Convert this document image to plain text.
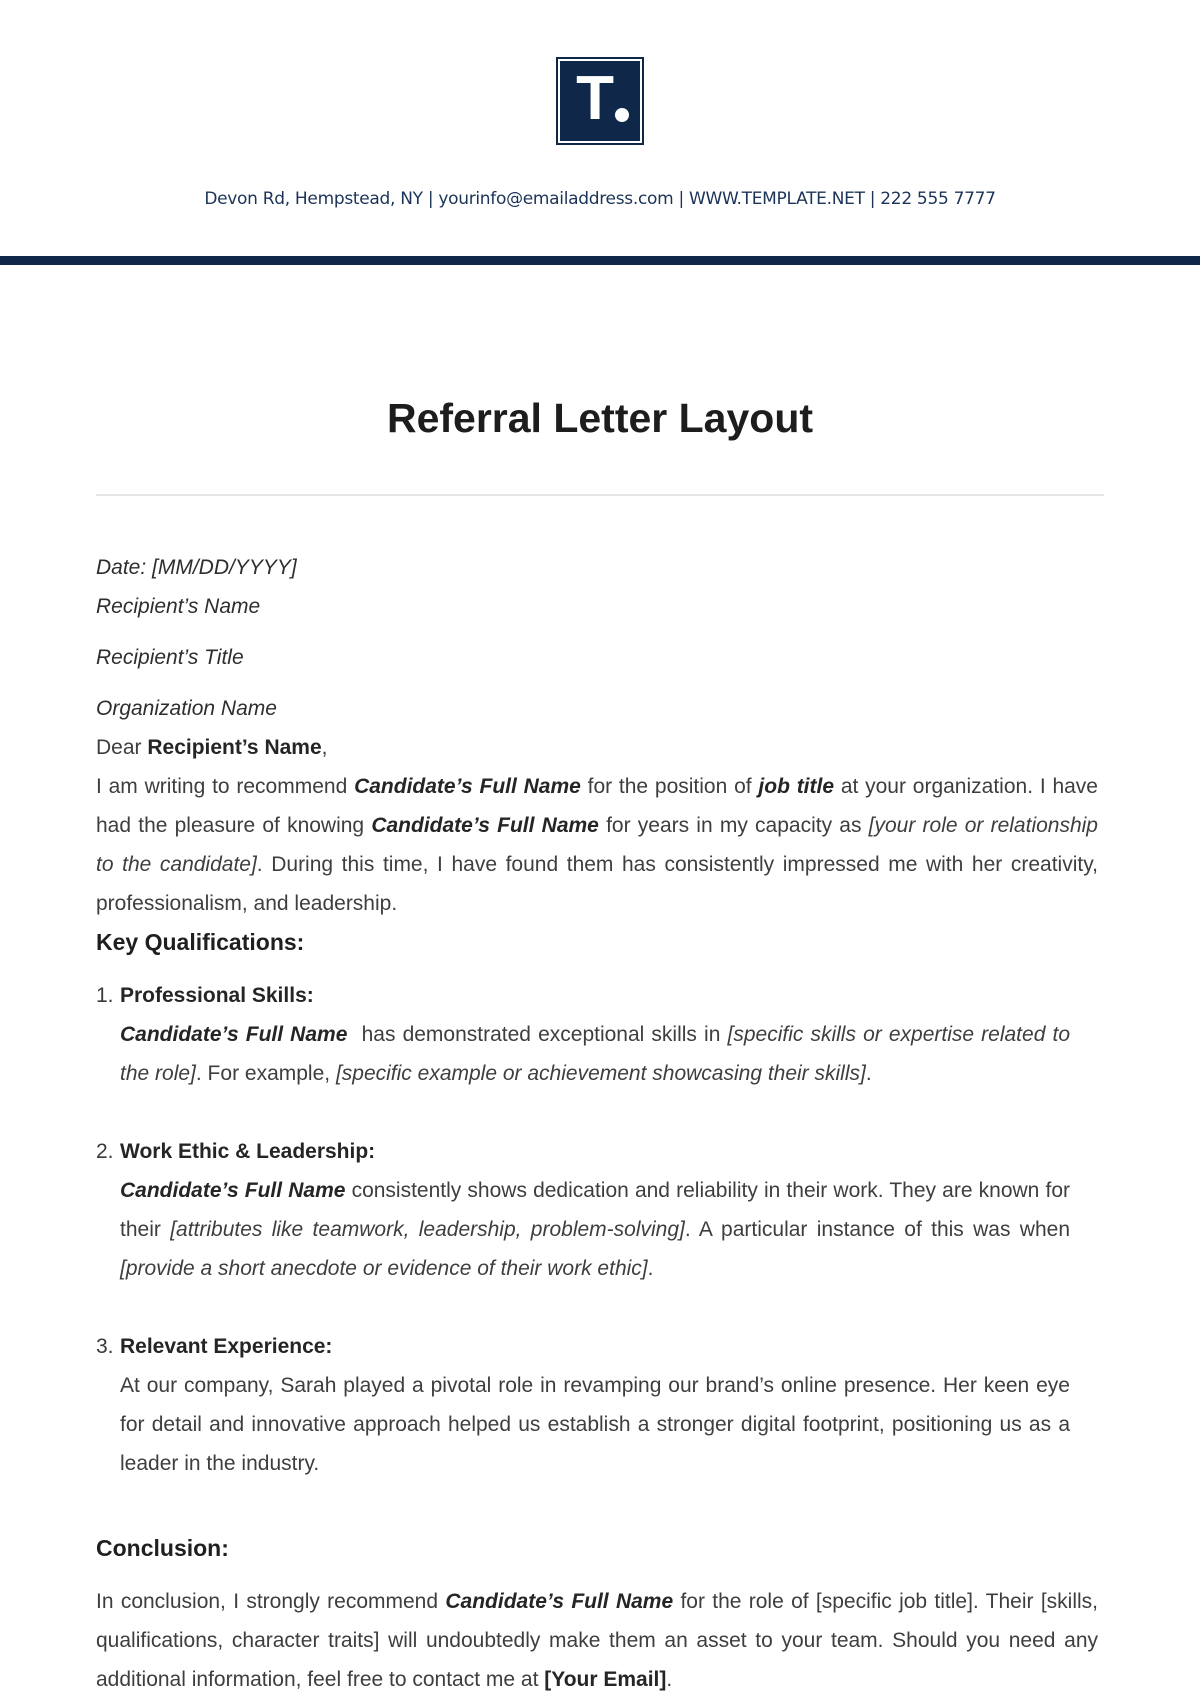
T
Devon Rd, Hempstead, NY | yourinfo@emailaddress.com | WWW.TEMPLATE.NET | 222 555 7777
Referral Letter Layout
Date: [MM/DD/YYYY]
Recipient’s Name
Recipient’s Title
Organization Name
Dear Recipient’s Name,

I am writing to recommend Candidate’s Full Name for the position of job title at your organization. I have had the pleasure of knowing Candidate’s Full Name for years in my capacity as [your role or relationship to the candidate]. During this time, I have found them has consistently impressed me with her creativity, professionalism, and leadership.

Key Qualifications:
1. Professional Skills:
Candidate’s Full Name  has demonstrated exceptional skills in [specific skills or expertise related to the role]. For example, [specific example or achievement showcasing their skills].
2. Work Ethic & Leadership:
Candidate’s Full Name consistently shows dedication and reliability in their work. They are known for their [attributes like teamwork, leadership, problem-solving]. A particular instance of this was when [provide a short anecdote or evidence of their work ethic].
3. Relevant Experience:
At our company, Sarah played a pivotal role in revamping our brand’s online presence. Her keen eye for detail and innovative approach helped us establish a stronger digital footprint, positioning us as a leader in the industry.
Conclusion:

In conclusion, I strongly recommend Candidate’s Full Name for the role of [specific job title]. Their [skills, qualifications, character traits] will undoubtedly make them an asset to your team. Should you need any additional information, feel free to contact me at [Your Email].
